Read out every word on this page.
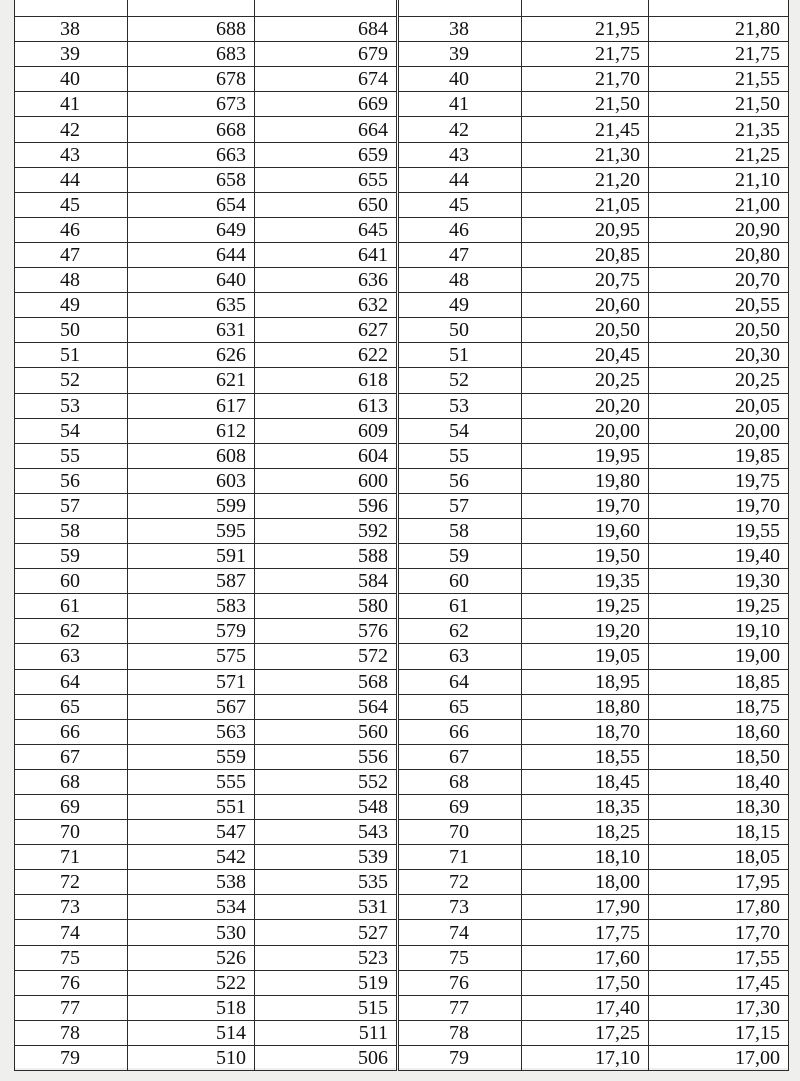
38	688	684
39	683	679
40	678	674
41	673	669
42	668	664
43	663	659
44	658	655
45	654	650
46	649	645
47	644	641
48	640	636
49	635	632
50	631	627
51	626	622
52	621	618
53	617	613
54	612	609
55	608	604
56	603	600
57	599	596
58	595	592
59	591	588
60	587	584
61	583	580
62	579	576
63	575	572
64	571	568
65	567	564
66	563	560
67	559	556
68	555	552
69	551	548
70	547	543
71	542	539
72	538	535
73	534	531
74	530	527
75	526	523
76	522	519
77	518	515
78	514	511
79	510	506

38	21,95	21,80
39	21,75	21,75
40	21,70	21,55
41	21,50	21,50
42	21,45	21,35
43	21,30	21,25
44	21,20	21,10
45	21,05	21,00
46	20,95	20,90
47	20,85	20,80
48	20,75	20,70
49	20,60	20,55
50	20,50	20,50
51	20,45	20,30
52	20,25	20,25
53	20,20	20,05
54	20,00	20,00
55	19,95	19,85
56	19,80	19,75
57	19,70	19,70
58	19,60	19,55
59	19,50	19,40
60	19,35	19,30
61	19,25	19,25
62	19,20	19,10
63	19,05	19,00
64	18,95	18,85
65	18,80	18,75
66	18,70	18,60
67	18,55	18,50
68	18,45	18,40
69	18,35	18,30
70	18,25	18,15
71	18,10	18,05
72	18,00	17,95
73	17,90	17,80
74	17,75	17,70
75	17,60	17,55
76	17,50	17,45
77	17,40	17,30
78	17,25	17,15
79	17,10	17,00
